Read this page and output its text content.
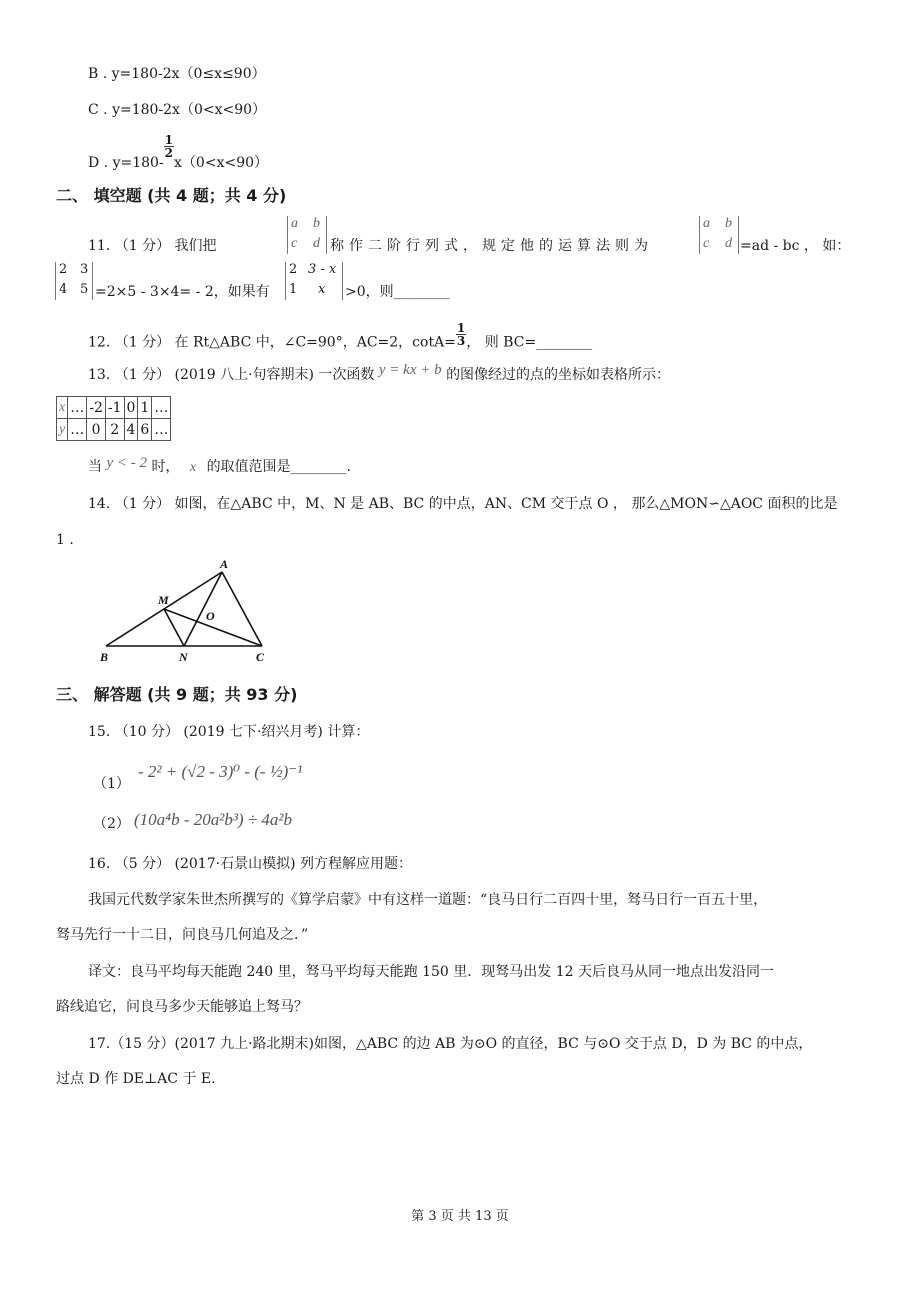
B . y=180-2x（0≤x≤90）
C . y=180-2x（0<x<90）
D . y=180-
$\frac{1}{2}$
x（0<x<90）
二、 填空题 (共 4 题；共 4 分)
11. （1 分） 我们把
a b
c d 称作二阶行列式，规定他的运算法则为
a b
c d =ad - bc ， 如：
2 3
4 5 =2×5 - 3×4= - 2，如果有
2 3 - x
1 x >0，则________
12. （1 分） 在 Rt△ABC 中，∠C=90°，AC=2，$\cot A= \frac{1}{3}$ ， 则 BC=________
13. （1 分） (2019 八上·句容期末) 一次函数 y = kx + b 的图像经过的点的坐标如表格所示：
x	…	-2	-1	0	1	…
y	…	0	2	4	6	…
当 y < - 2 时， x 的取值范围是________.
14. （1 分） 如图，在△ABC 中，M、N 是 AB、BC 的中点，AN、CM 交于点 O ， 那么△MON∽△AOC 面积的比是
1 .
A
B	C
M
N
O
三、 解答题 (共 9 题；共 93 分)
15. （10 分） (2019 七下·绍兴月考) 计算：
（1）
- 2² + (√2 - 3)⁰ - (- ½)⁻¹
（2） (10a⁴b - 20a²b³) ÷ 4a²b
16. （5 分） (2017·石景山模拟) 列方程解应用题：
我国元代数学家朱世杰所撰写的《算学启蒙》中有这样一道题：“良马日行二百四十里，驽马日行一百五十里，
驽马先行一十二日，问良马几何追及之．”
译文：良马平均每天能跑 240 里，驽马平均每天能跑 150 里．现驽马出发 12 天后良马从同一地点出发沿同一
路线追它，问良马多少天能够追上驽马？
17.（15 分）(2017 九上·路北期末)如图，△ABC 的边 AB 为⊙O 的直径，BC 与⊙O 交于点 D，D 为 BC 的中点，
过点 D 作 DE⊥AC 于 E.
第 3 页 共 13 页
